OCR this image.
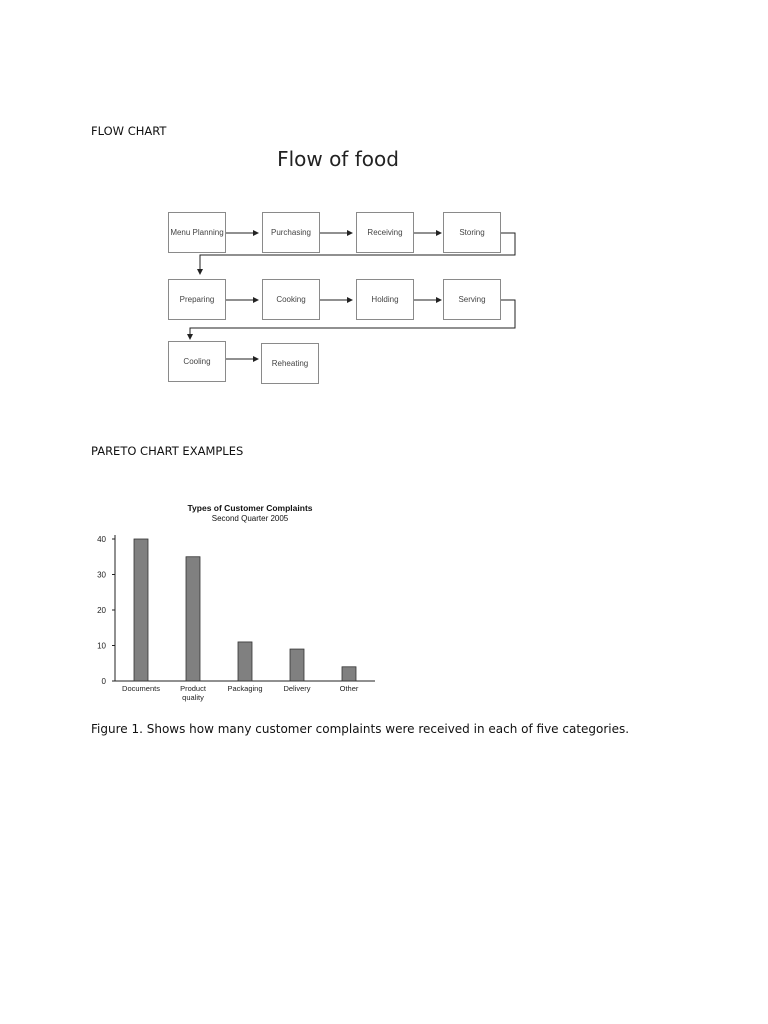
FLOW CHART
Flow of food
Menu Planning	Purchasing	Receiving	Storing
Preparing	Cooking	Holding	Serving
Cooling	Reheating
PARETO CHART EXAMPLES
Types of Customer Complaints
Second Quarter 2005
0
10
20
30
40
Documents	Product
quality
Packaging	Delivery	Other
Figure 1. Shows how many customer complaints were received in each of five categories.
